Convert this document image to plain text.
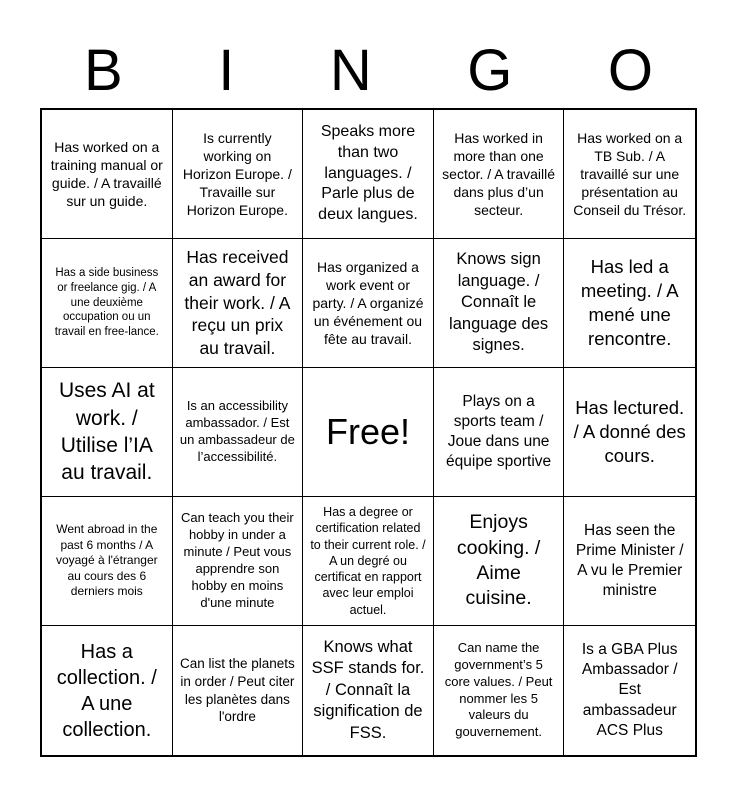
B I N G O
Has worked on a training manual or guide. / A travaillé sur un guide.
Is currently working on Horizon Europe. / Travaille sur Horizon Europe.
Speaks more than two languages. / Parle plus de deux langues.
Has worked in more than one sector. / A travaillé dans plus d’un secteur.
Has worked on a TB Sub. / A travaillé sur une présentation au Conseil du Trésor.
Has a side business or freelance gig. / A une deuxième occupation ou un travail en free-lance.
Has received an award for their work. / A reçu un prix au travail.
Has organized a work event or party. / A organizé un événement ou fête au travail.
Knows sign language. / Connaît le language des signes.
Has led a meeting. / A mené une rencontre.
Uses AI at work. / Utilise l’IA au travail.
Is an accessibility ambassador. / Est un ambassadeur de l’accessibilité.
Free!
Plays on a sports team / Joue dans une équipe sportive
Has lectured. / A donné des cours.
Went abroad in the past 6 months / A voyagé à l'étranger au cours des 6 derniers mois
Can teach you their hobby in under a minute / Peut vous apprendre son hobby en moins d'une minute
Has a degree or certification related to their current role. / A un degré ou certificat en rapport avec leur emploi actuel.
Enjoys cooking. / Aime cuisine.
Has seen the Prime Minister / A vu le Premier ministre
Has a collection. / A une collection.
Can list the planets in order / Peut citer les planètes dans l'ordre
Knows what SSF stands for. / Connaît la signification de FSS.
Can name the government’s 5 core values. / Peut nommer les 5 valeurs du gouvernement.
Is a GBA Plus Ambassador / Est ambassadeur ACS Plus
